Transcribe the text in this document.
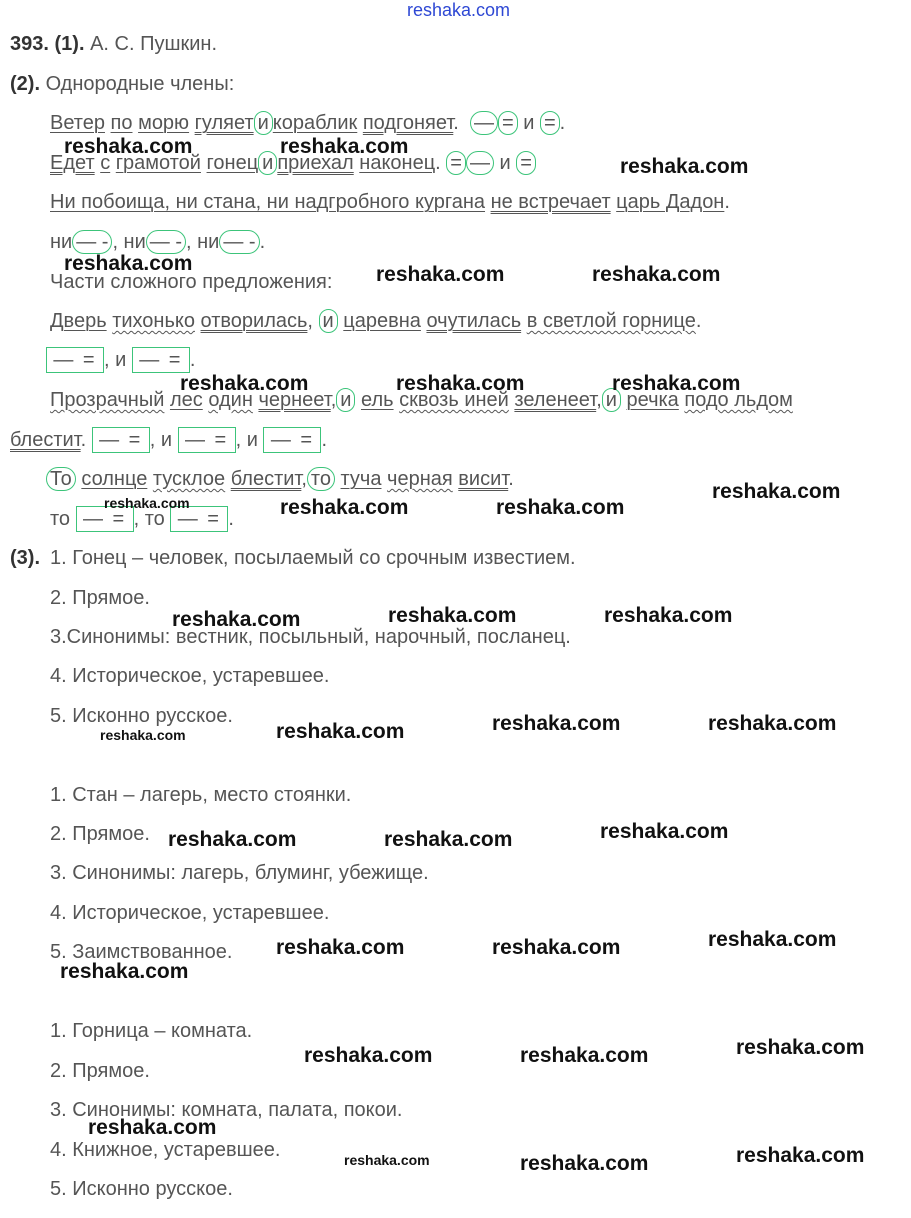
393. (1). А. С. Пушкин.
(2). Однородные члены:
Ветер по морю гуляет и кораблик подгоняет. — = и = .
Едет с грамотой гонец и приехал наконец. = — и =
Ни побоища, ни стана, ни надгробного кургана не встречает царь Дадон.
ни — - , ни — - , ни — - .
Части сложного предложения:
Дверь тихонько отворилась, и царевна очутилась в светлой горнице.
— = , и — = .
Прозрачный лес один чернеет, и ель сквозь иней зеленеет, и речка подо льдом
блестит. — = , и — = , и — = .
То солнце тусклое блестит, то туча черная висит.
то — = , то — = .
(3). 1. Гонец – человек, посылаемый со срочным известием.
2. Прямое.
3.Синонимы: вестник, посыльный, нарочный, посланец.
4. Историческое, устаревшее.
5. Исконно русское.
1. Стан – лагерь, место стоянки.
2. Прямое.
3. Синонимы: лагерь, блуминг, убежище.
4. Историческое, устаревшее.
5. Заимствованное.
1. Горница – комната.
2. Прямое.
3. Синонимы: комната, палата, покои.
4. Книжное, устаревшее.
5. Исконно русское.
reshaka.com
reshaka.com	reshaka.com
reshaka.com
reshaka.com	reshaka.com	reshaka.com
reshaka.com	reshaka.com	reshaka.com
reshaka.com
reshaka.com	reshaka.com	reshaka.com
reshaka.com	reshaka.com	reshaka.com
reshaka.com	reshaka.com
reshaka.com
reshaka.com
reshaka.com
reshaka.com	reshaka.com
reshaka.com
reshaka.com	reshaka.com
reshaka.com
reshaka.com
reshaka.com	reshaka.com
reshaka.com
reshaka.com
reshaka.com	reshaka.com
